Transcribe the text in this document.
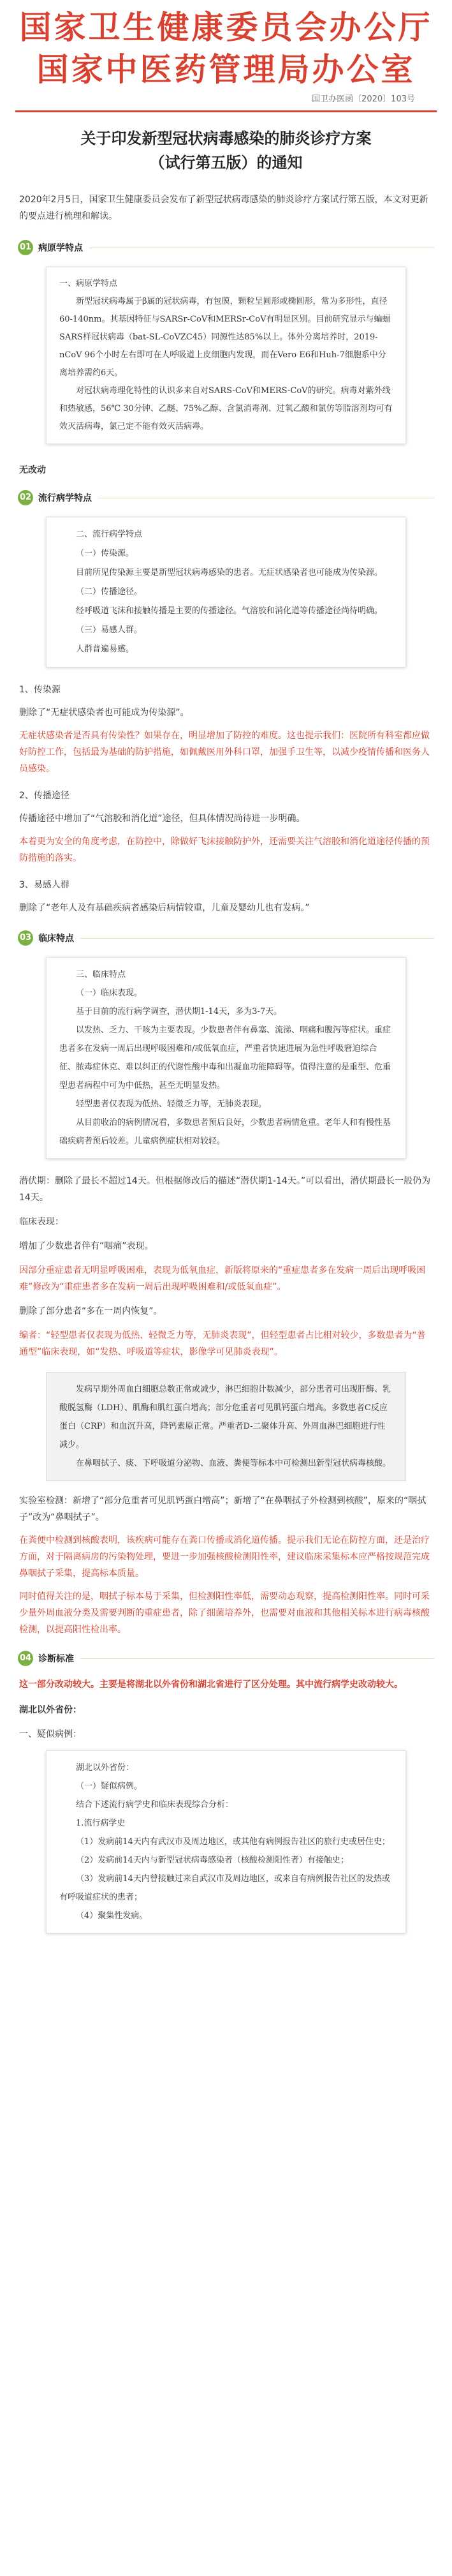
国家卫生健康委员会办公厅
国家中医药管理局办公室
国卫办医函〔2020〕103号
关于印发新型冠状病毒感染的肺炎诊疗方案
（试行第五版）的通知

2020年2月5日，国家卫生健康委员会发布了新型冠状病毒感染的肺炎诊疗方案试行第五版，本文对更新的要点进行梳理和解读。

01 病原学特点

一、病原学特点

新型冠状病毒属于β属的冠状病毒，有包膜，颗粒呈圆形或椭圆形，常为多形性，直径60-140nm。其基因特征与SARSr-CoV和MERSr-CoV有明显区别。目前研究显示与蝙蝠SARS样冠状病毒（bat-SL-CoVZC45）同源性达85%以上。体外分离培养时，2019-nCoV 96个小时左右即可在人呼吸道上皮细胞内发现，而在Vero E6和Huh-7细胞系中分离培养需约6天。

对冠状病毒理化特性的认识多来自对SARS-CoV和MERS-CoV的研究。病毒对紫外线和热敏感，56℃ 30分钟、乙醚、75%乙醇、含氯消毒剂、过氧乙酸和氯仿等脂溶剂均可有效灭活病毒，氯己定不能有效灭活病毒。

无改动

02 流行病学特点

二、流行病学特点

（一）传染源。

目前所见传染源主要是新型冠状病毒感染的患者。无症状感染者也可能成为传染源。

（二）传播途径。

经呼吸道飞沫和接触传播是主要的传播途径。气溶胶和消化道等传播途径尚待明确。

（三）易感人群。

人群普遍易感。

1、传染源

删除了“无症状感染者也可能成为传染源”。

无症状感染者是否具有传染性？如果存在，明显增加了防控的难度。这也提示我们：医院所有科室都应做好防控工作，包括最为基础的防护措施，如佩戴医用外科口罩，加强手卫生等，以减少疫情传播和医务人员感染。

2、传播途径

传播途径中增加了“气溶胶和消化道”途径，但具体情况尚待进一步明确。

本着更为安全的角度考虑，在防控中，除做好飞沫接触防护外，还需要关注气溶胶和消化道途径传播的预防措施的落实。

3、易感人群

删除了“老年人及有基础疾病者感染后病情较重，儿童及婴幼儿也有发病。”

03 临床特点

三、临床特点

（一）临床表现。

基于目前的流行病学调查，潜伏期1-14天，多为3-7天。

以发热、乏力、干咳为主要表现。少数患者伴有鼻塞、流涕、咽痛和腹泻等症状。重症患者多在发病一周后出现呼吸困难和/或低氧血症，严重者快速进展为急性呼吸窘迫综合征、脓毒症休克、难以纠正的代谢性酸中毒和出凝血功能障碍等。值得注意的是重型、危重型患者病程中可为中低热，甚至无明显发热。

轻型患者仅表现为低热、轻微乏力等，无肺炎表现。

从目前收治的病例情况看，多数患者预后良好，少数患者病情危重。老年人和有慢性基础疾病者预后较差。儿童病例症状相对较轻。

潜伏期：删除了最长不超过14天。但根据修改后的描述“潜伏期1-14天。”可以看出，潜伏期最长一般仍为14天。

临床表现：

增加了少数患者伴有“咽痛”表现。

因部分重症患者无明显呼吸困难，表现为低氧血症，新版将原来的“重症患者多在发病一周后出现呼吸困难”修改为“重症患者多在发病一周后出现呼吸困难和/或低氧血症”。

删除了部分患者“多在一周内恢复”。

编者：“轻型患者仅表现为低热、轻微乏力等，无肺炎表现”，但轻型患者占比相对较少，多数患者为“普通型”临床表现，如“发热、呼吸道等症状，影像学可见肺炎表现”。

发病早期外周血白细胞总数正常或减少，淋巴细胞计数减少，部分患者可出现肝酶、乳酸脱氢酶（LDH）、肌酶和肌红蛋白增高；部分危重者可见肌钙蛋白增高。多数患者C反应蛋白（CRP）和血沉升高，降钙素原正常。严重者D-二聚体升高、外周血淋巴细胞进行性减少。

在鼻咽拭子、痰、下呼吸道分泌物、血液、粪便等标本中可检测出新型冠状病毒核酸。

实验室检测：新增了“部分危重者可见肌钙蛋白增高”；新增了“在鼻咽拭子外检测到核酸”，原来的“咽拭子”改为“鼻咽拭子”。

在粪便中检测到核酸表明，该疾病可能存在粪口传播或消化道传播。提示我们无论在防控方面，还是治疗方面，对于隔离病房的污染物处理，要进一步加强核酸检测阳性率，建议临床采集标本应严格按规范完成鼻咽拭子采集，提高标本质量。

同时值得关注的是，咽拭子标本易于采集，但检测阳性率低，需要动态观察，提高检测阳性率。同时可采少量外周血液分类及需要判断的重症患者，除了细菌培养外，也需要对血液和其他相关标本进行病毒核酸检测，以提高阳性检出率。

04 诊断标准

这一部分改动较大。主要是将湖北以外省份和湖北省进行了区分处理。其中流行病学史改动较大。

湖北以外省份：

一、疑似病例：

湖北以外省份：

（一）疑似病例。

结合下述流行病学史和临床表现综合分析：

1.流行病学史

（1）发病前14天内有武汉市及周边地区，或其他有病例报告社区的旅行史或居住史；

（2）发病前14天内与新型冠状病毒感染者（核酸检测阳性者）有接触史；

（3）发病前14天内曾接触过来自武汉市及周边地区，或来自有病例报告社区的发热或有呼吸道症状的患者；

（4）聚集性发病。
